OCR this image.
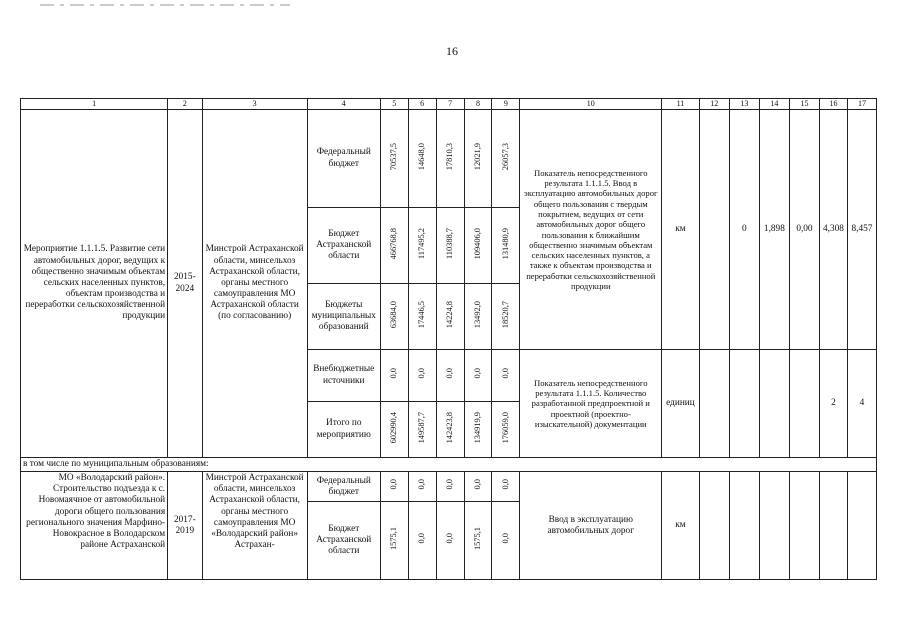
16
1	2	3	4	5	6	7	8	9	10	11	12	13	14	15	16	17
Мероприятие 1.1.1.5. Развитие сети автомобильных дорог, ведущих к общественно значимым объектам сельских населенных пунктов, объектам производства и переработки сельскохозяйственной продукции	2015-2024	Минстрой Астраханской области, минсельхоз Астраханской области, органы местного самоуправления МО Астраханской области (по согласованию)	Федеральный бюджет	70537,5	14648,0	17810,3	12021,9	26057,3	Показатель непосредственного результата 1.1.1.5. Ввод в эксплуатацию автомобильных дорог общего пользования с твердым покрытием, ведущих от сети автомобильных дорог общего пользования к ближайшим общественно значимым объектам сельских населенных пунктов, а также к объектам производства и переработки сельскохозяйственной продукции	км		0	1,898	0,00	4,308	8,457
			Бюджет Астраханской области	466768,8	117495,2	110388,7	109406,0	131480,9								
			Бюджеты муниципальных образований	63684,0	17446,5	14224,8	13492,0	18520,7								
			Внебюджетные источники	0,0	0,0	0,0	0,0	0,0	Показатель непосредственного результата 1.1.1.5. Количество разработанной предпроектной и проектной (проектно-изыскательной) документации	единиц					2	4
			Итого по мероприятию	602990,4	149587,7	142423,8	134919,9	176059,0								
в том числе по муниципальным образованиям:																
МО «Володарский район». Строительство подъезда к с. Новомаячное от автомобильной дороги общего пользования регионального значения Марфино-Новокрасное в Володарском районе Астраханской	2017-2019	Минстрой Астраханской области, минсельхоз Астраханской области, органы местного самоуправления МО «Володарский район» Астрахан-	Федеральный бюджет	0,0	0,0	0,0	0,0	0,0	Ввод в эксплуатацию автомобильных дорог	км						
			Бюджет Астраханской области	1575,1	0,0	0,0	1575,1	0,0								
